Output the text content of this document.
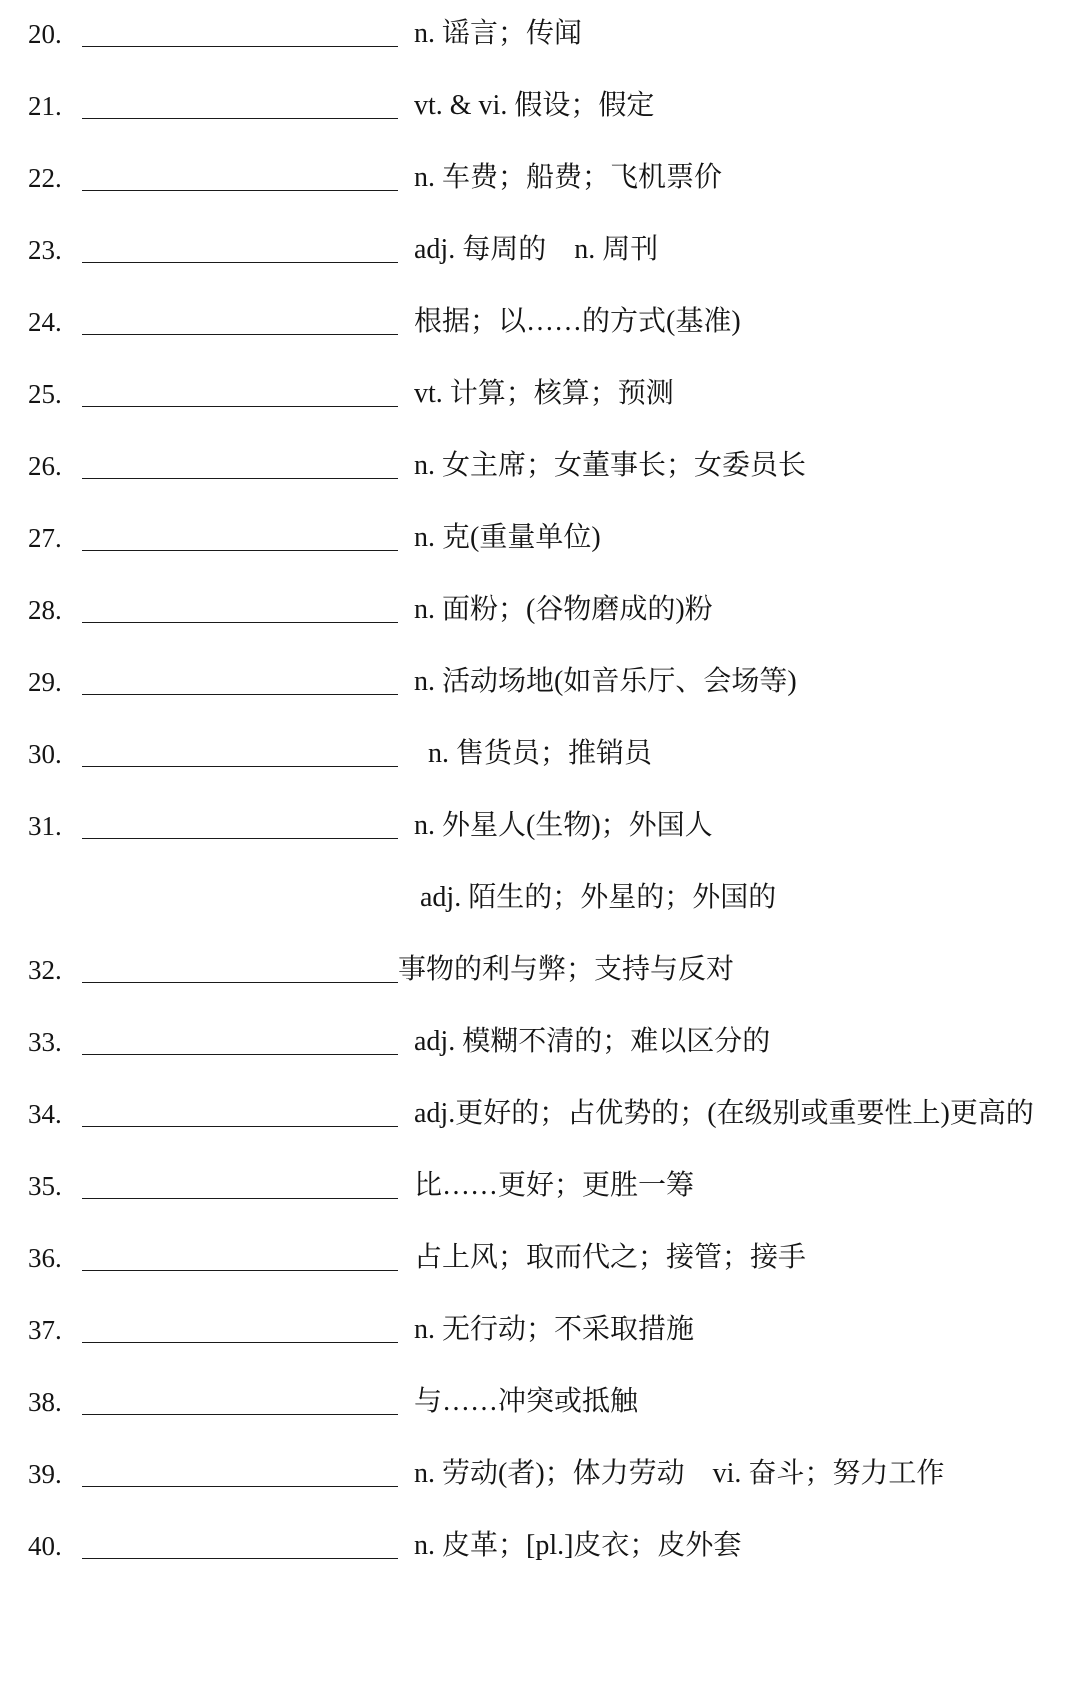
20.	n. 谣言；传闻
21.	vt. & vi. 假设；假定
22.	n. 车费；船费；飞机票价
23.	adj. 每周的　n. 周刊
24.	根据；以……的方式(基准)
25.	vt. 计算；核算；预测
26.	n. 女主席；女董事长；女委员长
27.	n. 克(重量单位)
28.	n. 面粉；(谷物磨成的)粉
29.	n. 活动场地(如音乐厅、会场等)
30.	n. 售货员；推销员
31.	n. 外星人(生物)；外国人
adj. 陌生的；外星的；外国的
32.	事物的利与弊；支持与反对
33.	adj. 模糊不清的；难以区分的
34.	adj.更好的；占优势的；(在级别或重要性上)更高的
35.	比……更好；更胜一筹
36.	占上风；取而代之；接管；接手
37.	n. 无行动；不采取措施
38.	与……冲突或抵触
39.	n. 劳动(者)；体力劳动　vi. 奋斗；努力工作
40.	n. 皮革；[pl.]皮衣；皮外套
